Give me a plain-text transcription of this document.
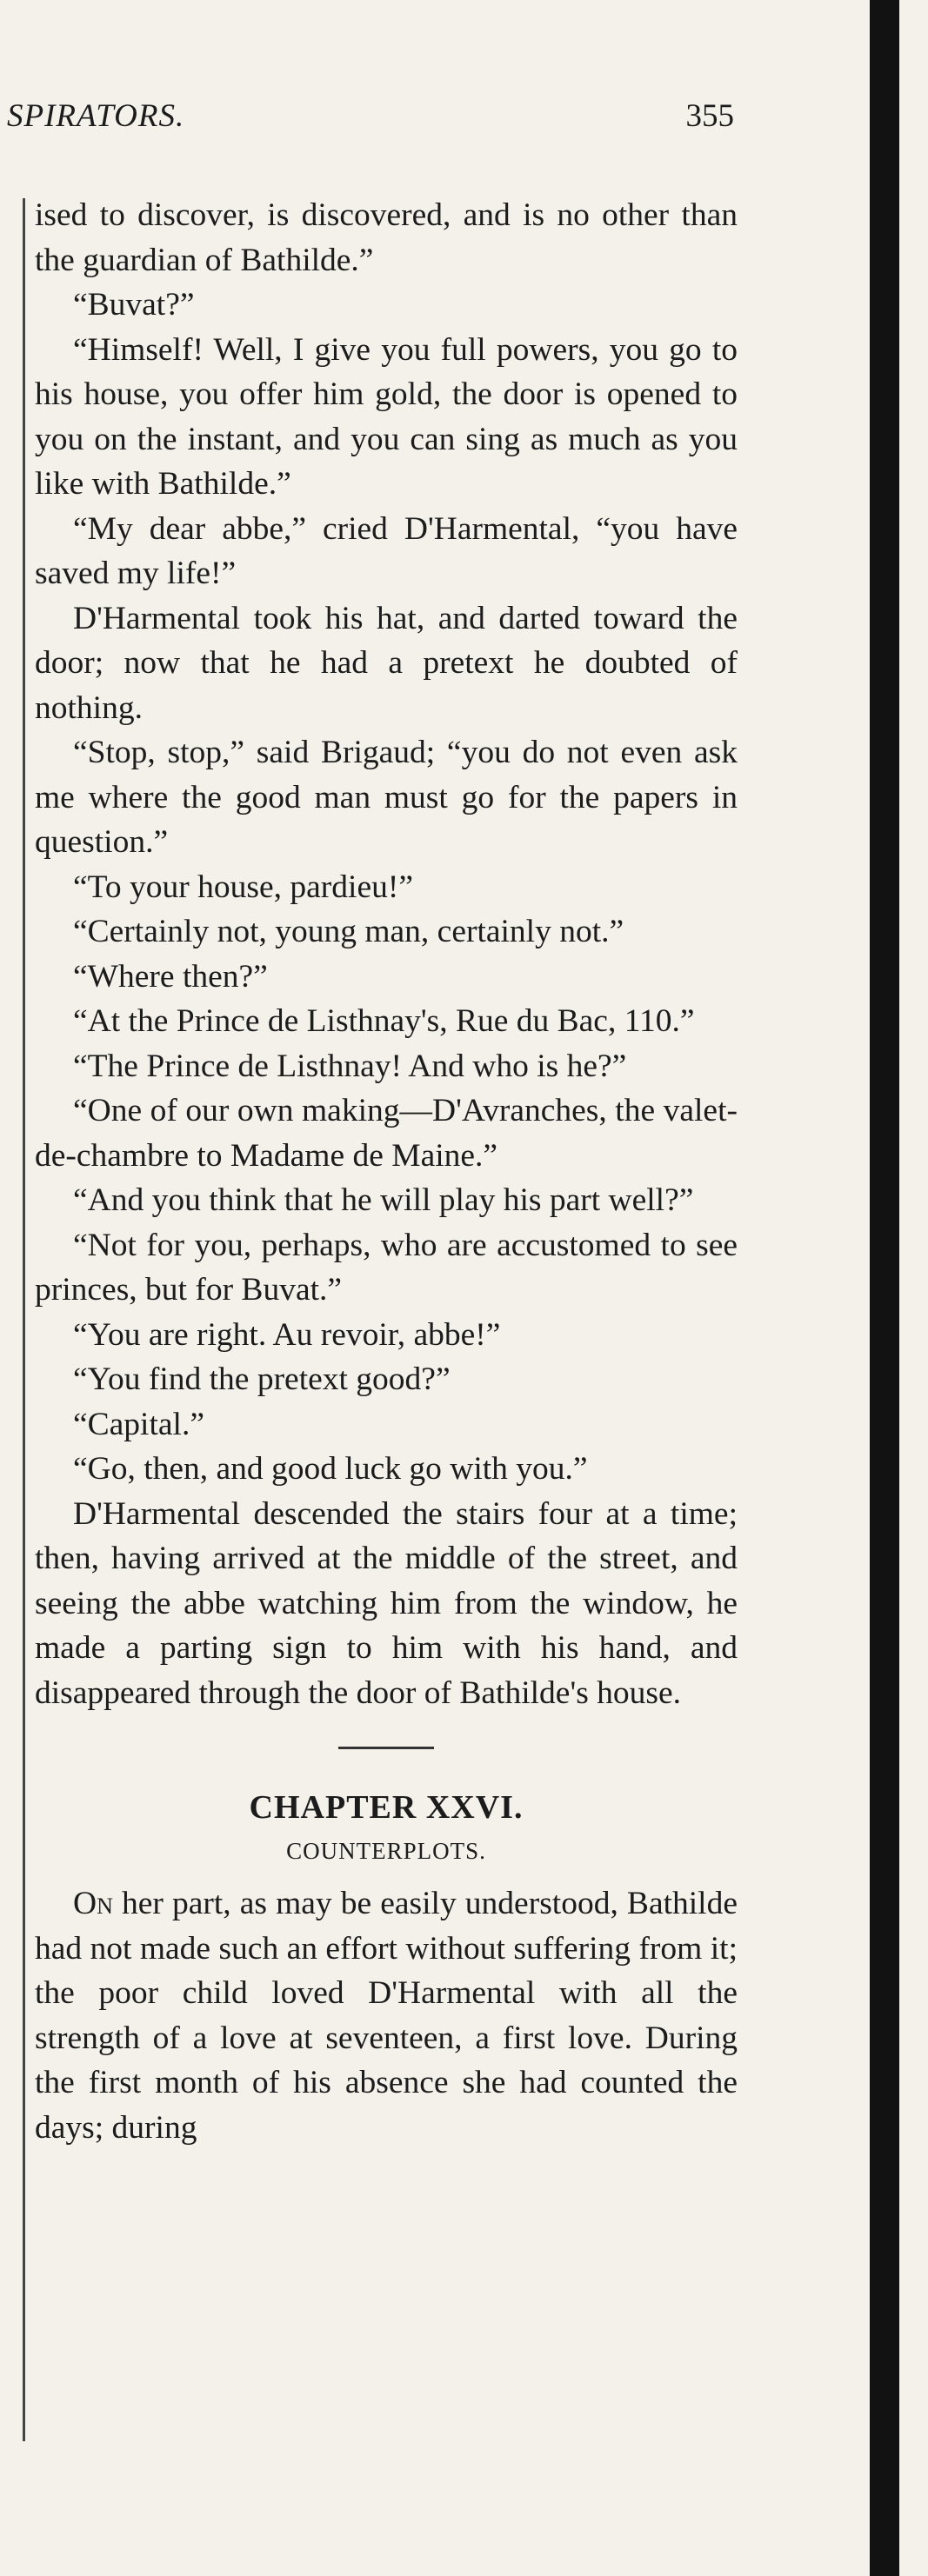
SPIRATORS.	355

ised to discover, is discovered, and is no other than the guardian of Bathilde.”

“Buvat?”

“Himself! Well, I give you full powers, you go to his house, you offer him gold, the door is opened to you on the instant, and you can sing as much as you like with Bathilde.”

“My dear abbe,” cried D'Harmental, “you have saved my life!”

D'Harmental took his hat, and darted toward the door; now that he had a pretext he doubted of nothing.

“Stop, stop,” said Brigaud; “you do not even ask me where the good man must go for the papers in question.”

“To your house, pardieu!”

“Certainly not, young man, certainly not.”

“Where then?”

“At the Prince de Listhnay's, Rue du Bac, 110.”

“The Prince de Listhnay! And who is he?”

“One of our own making—D'Avranches, the valet-de-chambre to Madame de Maine.”

“And you think that he will play his part well?”

“Not for you, perhaps, who are accustomed to see princes, but for Buvat.”

“You are right. Au revoir, abbe!”

“You find the pretext good?”

“Capital.”

“Go, then, and good luck go with you.”

D'Harmental descended the stairs four at a time; then, having arrived at the middle of the street, and seeing the abbe watching him from the window, he made a parting sign to him with his hand, and disappeared through the door of Bathilde's house.

CHAPTER XXVI.
COUNTERPLOTS.

On her part, as may be easily understood, Bathilde had not made such an effort without suffering from it; the poor child loved D'Harmental with all the strength of a love at seventeen, a first love. During the first month of his absence she had counted the days; during
